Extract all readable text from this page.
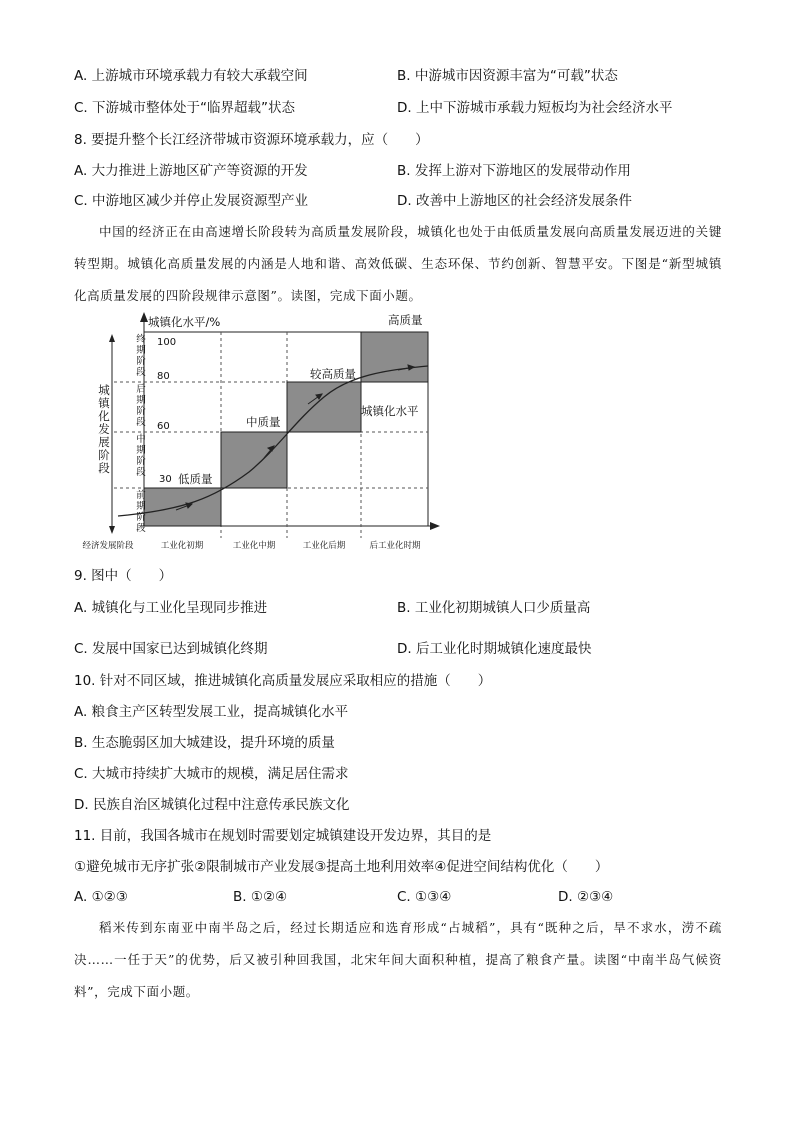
A. 上游城市环境承载力有较大承载空间	B. 中游城市因资源丰富为“可载”状态
C. 下游城市整体处于“临界超载”状态	D. 上中下游城市承载力短板均为社会经济水平
8. 要提升整个长江经济带城市资源环境承载力，应（　　）
A. 大力推进上游地区矿产等资源的开发	B. 发挥上游对下游地区的发展带动作用
C. 中游地区减少并停止发展资源型产业	D. 改善中上游地区的社会经济发展条件

中国的经济正在由高速增长阶段转为高质量发展阶段，城镇化也处于由低质量发展向高质量发展迈进的关键转型期。城镇化高质量发展的内涵是人地和谐、高效低碳、生态环保、节约创新、智慧平安。下图是“新型城镇化高质量发展的四阶段规律示意图”。读图，完成下面小题。

城镇化水平/%
100
80
60
30 低质量
中质量
较高质量
高质量
城镇化水平
终期阶段
后期阶段
中期阶段
前期阶段
城镇化发展阶段
经济发展阶段	工业化初期	工业化中期	工业化后期	后工业化时期
9. 图中（　　）
A. 城镇化与工业化呈现同步推进	B. 工业化初期城镇人口少质量高
C. 发展中国家已达到城镇化终期	D. 后工业化时期城镇化速度最快
10. 针对不同区域，推进城镇化高质量发展应采取相应的措施（　　）
A. 粮食主产区转型发展工业，提高城镇化水平
B. 生态脆弱区加大城建设，提升环境的质量
C. 大城市持续扩大城市的规模，满足居住需求
D. 民族自治区城镇化过程中注意传承民族文化
11. 目前，我国各城市在规划时需要划定城镇建设开发边界，其目的是
①避免城市无序扩张②限制城市产业发展③提高土地利用效率④促进空间结构优化（　　）
A. ①②③	B. ①②④	C. ①③④	D. ②③④

稻米传到东南亚中南半岛之后，经过长期适应和选育形成“占城稻”，具有“既种之后，旱不求水，涝不疏决……一任于天”的优势，后又被引种回我国，北宋年间大面积种植，提高了粮食产量。读图“中南半岛气候资料”，完成下面小题。
